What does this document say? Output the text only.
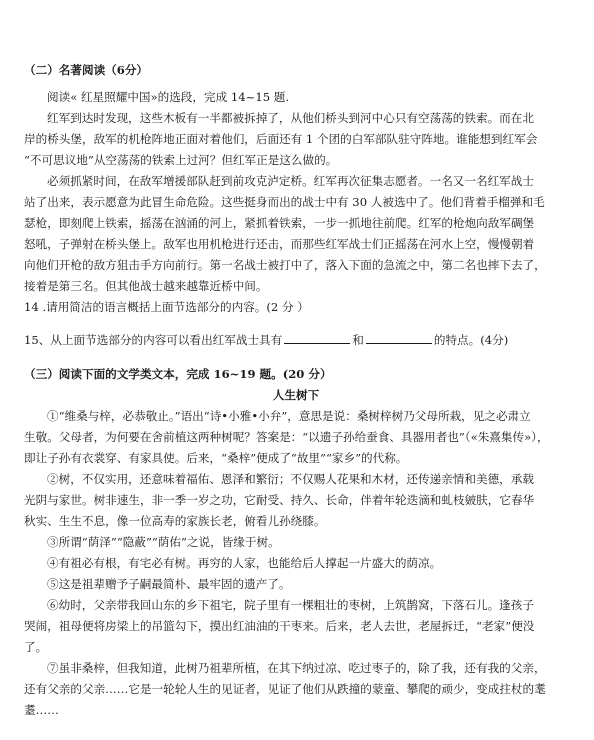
（二）名著阅读（6分）
阅读« 红星照耀中国»的选段，完成 14~15 题.
红军到达时发现，这些木板有一半都被拆掉了，从他们桥头到河中心只有空荡荡的铁索。而在北
岸的桥头堡，敌军的机枪阵地正面对着他们，后面还有 1 个团的白军部队驻守阵地。谁能想到红军会
“不可思议地”从空荡荡的铁索上过河？但红军正是这么做的。
必须抓紧时间，在敌军增援部队赶到前攻克泸定桥。红军再次征集志愿者。一名又一名红军战士
站了出来，表示愿意为此冒生命危险。这些挺身而出的战士中有 30 人被选中了。他们背着手榴弹和毛
瑟枪，即刻爬上铁索，摇荡在汹涌的河上，紧抓着铁索，一步一抓地往前爬。红军的枪炮向敌军碉堡
怒吼，子弹射在桥头堡上。敌军也用机枪进行还击，而那些红军战士们正摇荡在河水上空，慢慢朝着
向他们开枪的敌方狙击手方向前行。第一名战士被打中了，落入下面的急流之中，第二名也摔下去了，
接着是第三名。但其他战士越来越靠近桥中间。
14 .请用简洁的语言概括上面节选部分的内容。(2 分 ）
15、从上面节选部分的内容可以看出红军战士具有	和	的特点。(4分)
（三）阅读下面的文学类文本，完成 16~19 题。(20 分）
人生树下
①“维桑与梓，必恭敬止。”语出“诗•小雅•小弁”，意思是说：桑树梓树乃父母所栽，见之必肃立
生敬。父母者，为何要在舍前植这两种树呢？答案是：“以遗子孙给蚕食、具器用者也”（«朱熹集传»），
即让子孙有衣裳穿、有家具使。后来，“桑梓”便成了“故里”“家乡”的代称。
②树，不仅实用，还意味着福佑、恩泽和繁衍；不仅赐人花果和木材，还传递亲情和美德，承载
光阴与家世。树非速生，非一季一岁之功，它耐受、持久、长命，伴着年轮迭滴和虬枝皴肤，它春华
秋实、生生不息，像一位高寿的家族长老，俯看儿孙绕膝。
③所谓“荫泽”“隐蔽”“荫佑”之说，皆缘于树。
④有祖必有根，有宅必有树。再穷的人家，也能给后人撑起一片盛大的荫凉。
⑤这是祖辈赠予子嗣最简朴、最牢固的遗产了。
⑥幼时，父亲带我回山东的乡下祖宅，院子里有一棵粗壮的枣树，上筑鹊窝，下落石儿。逢孩子
哭闹，祖母便将房梁上的吊篮勾下，摸出红油油的干枣来。后来，老人去世，老屋拆迁，“老家”便没
了。
⑦虽非桑梓，但我知道，此树乃祖辈所植，在其下纳过凉、吃过枣子的，除了我，还有我的父亲，
还有父亲的父亲……它是一轮轮人生的见证者，见证了他们从跌撞的蒙童、攀爬的顽少，变成拄杖的耄
耋……
